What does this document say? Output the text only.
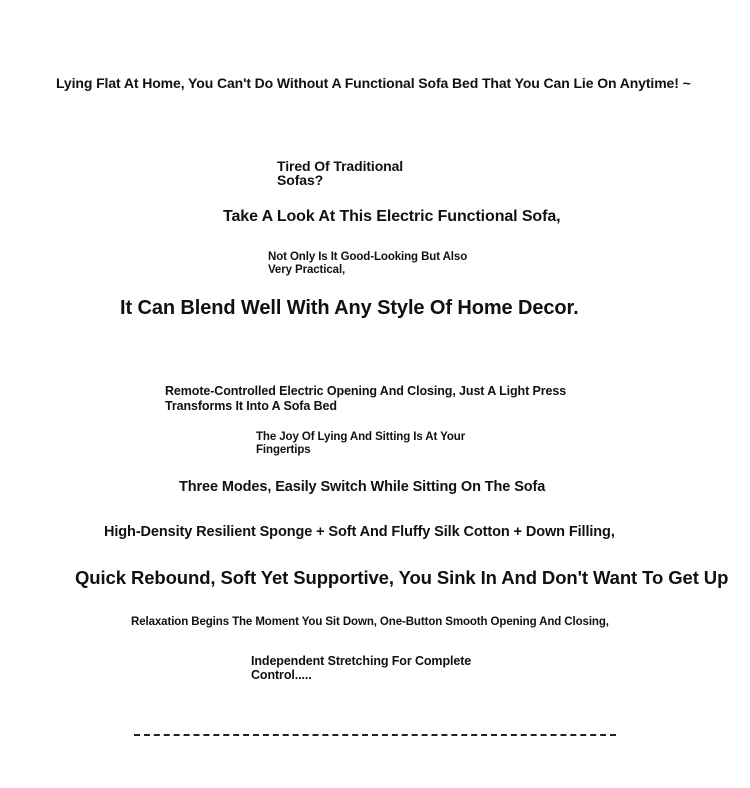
Lying Flat At Home, You Can't Do Without A Functional Sofa Bed That You Can Lie On Anytime! ~
Tired Of Traditional Sofas?
Take A Look At This Electric Functional Sofa,
Not Only Is It Good-Looking But Also Very Practical,
It Can Blend Well With Any Style Of Home Decor.
Remote-Controlled Electric Opening And Closing, Just A Light Press Transforms It Into A Sofa Bed
The Joy Of Lying And Sitting Is At Your Fingertips
Three Modes, Easily Switch While Sitting On The Sofa
High-Density Resilient Sponge + Soft And Fluffy Silk Cotton + Down Filling,
Quick Rebound, Soft Yet Supportive, You Sink In And Don't Want To Get Up
Relaxation Begins The Moment You Sit Down, One-Button Smooth Opening And Closing,
Independent Stretching For Complete Control.....
